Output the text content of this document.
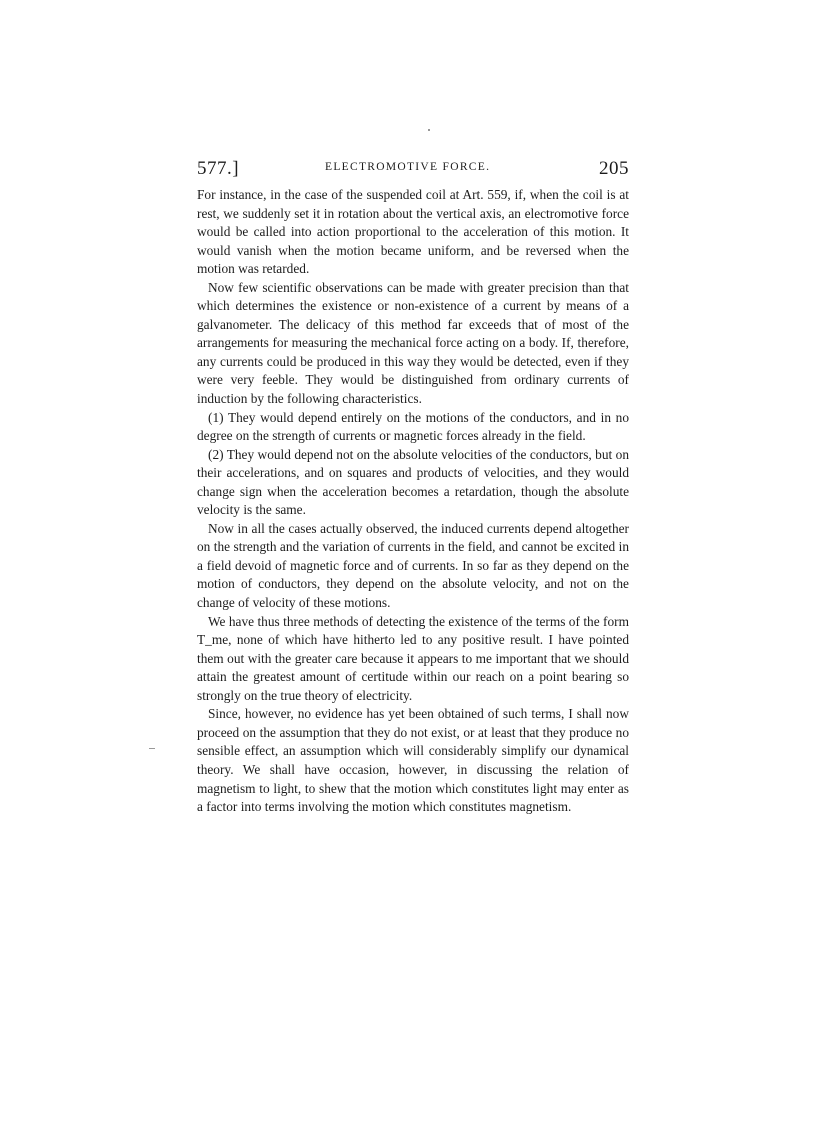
577.]	ELECTROMOTIVE FORCE.	205

For instance, in the case of the suspended coil at Art. 559, if, when the coil is at rest, we suddenly set it in rotation about the vertical axis, an electromotive force would be called into action proportional to the acceleration of this motion. It would vanish when the motion became uniform, and be reversed when the motion was retarded.

Now few scientific observations can be made with greater precision than that which determines the existence or non-existence of a current by means of a galvanometer. The delicacy of this method far exceeds that of most of the arrangements for measuring the mechanical force acting on a body. If, therefore, any currents could be produced in this way they would be detected, even if they were very feeble. They would be distinguished from ordinary currents of induction by the following characteristics.

(1) They would depend entirely on the motions of the conductors, and in no degree on the strength of currents or magnetic forces already in the field.

(2) They would depend not on the absolute velocities of the conductors, but on their accelerations, and on squares and products of velocities, and they would change sign when the acceleration becomes a retardation, though the absolute velocity is the same.

Now in all the cases actually observed, the induced currents depend altogether on the strength and the variation of currents in the field, and cannot be excited in a field devoid of magnetic force and of currents. In so far as they depend on the motion of conductors, they depend on the absolute velocity, and not on the change of velocity of these motions.

We have thus three methods of detecting the existence of the terms of the form T_me, none of which have hitherto led to any positive result. I have pointed them out with the greater care because it appears to me important that we should attain the greatest amount of certitude within our reach on a point bearing so strongly on the true theory of electricity.

Since, however, no evidence has yet been obtained of such terms, I shall now proceed on the assumption that they do not exist, or at least that they produce no sensible effect, an assumption which will considerably simplify our dynamical theory. We shall have occasion, however, in discussing the relation of magnetism to light, to shew that the motion which constitutes light may enter as a factor into terms involving the motion which constitutes magnetism.
